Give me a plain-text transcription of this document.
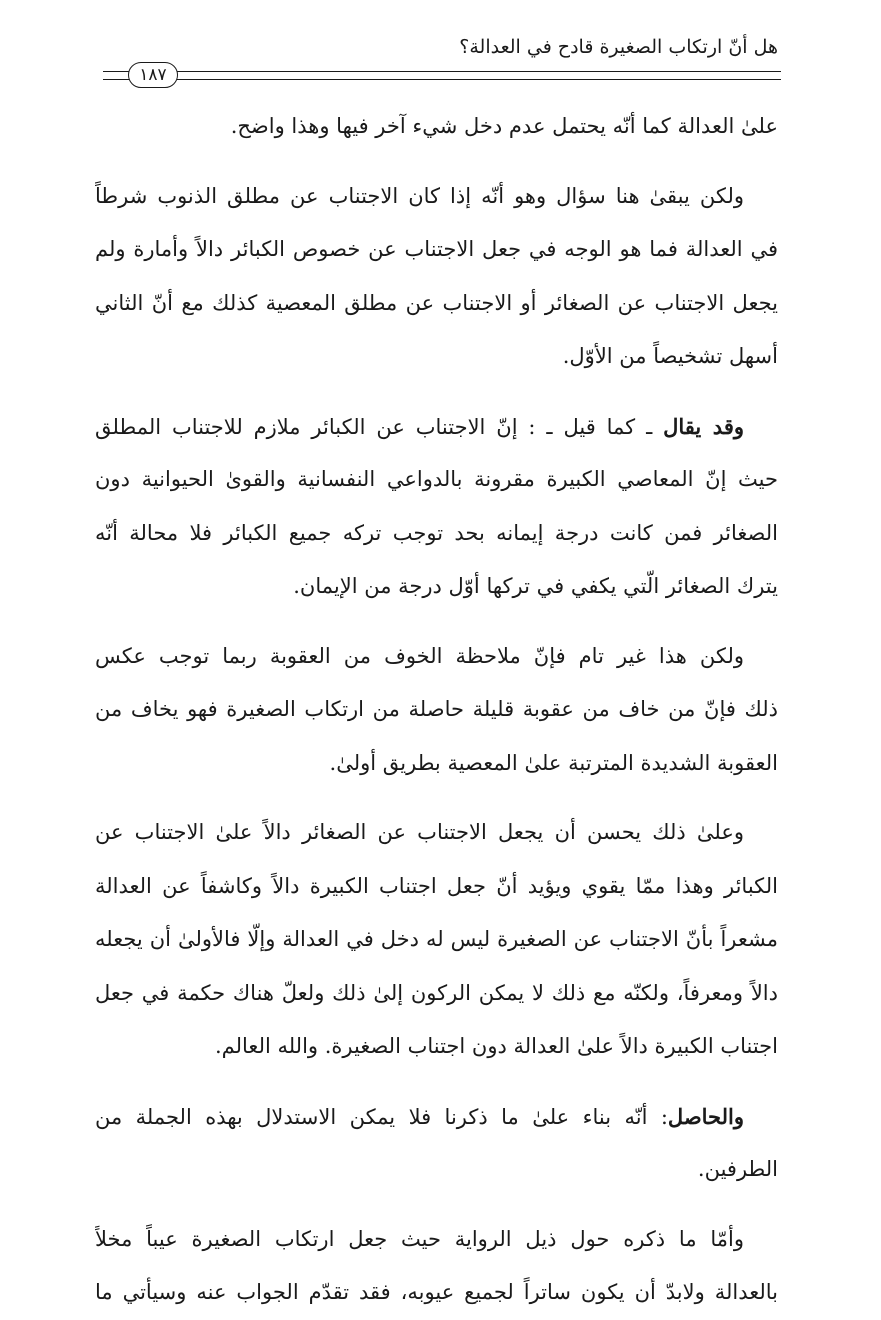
هل أنّ ارتكاب الصغيرة قادح في العدالة؟
١٨٧
علىٰ العدالة كما أنّه يحتمل عدم دخل شيء آخر فيها وهذا واضح.
ولكن يبقىٰ هنا سؤال وهو أنّه إذا كان الاجتناب عن مطلق الذنوب شرطاً
في العدالة فما هو الوجه في جعل الاجتناب عن خصوص الكبائر دالاً وأمارة ولم
يجعل الاجتناب عن الصغائر أو الاجتناب عن مطلق المعصية كذلك مع أنّ الثاني
أسهل تشخيصاً من الأوّل.
وقد يقال ـ كما قيل ـ : إنّ الاجتناب عن الكبائر ملازم للاجتناب المطلق
حيث إنّ المعاصي الكبيرة مقرونة بالدواعي النفسانية والقوىٰ الحيوانية دون
الصغائر فمن كانت درجة إيمانه بحد توجب تركه جميع الكبائر فلا محالة أنّه
يترك الصغائر الّتي يكفي في تركها أوّل درجة من الإيمان.
ولكن هذا غير تام فإنّ ملاحظة الخوف من العقوبة ربما توجب عكس
ذلك فإنّ من خاف من عقوبة قليلة حاصلة من ارتكاب الصغيرة فهو يخاف من
العقوبة الشديدة المترتبة علىٰ المعصية بطريق أولىٰ.
وعلىٰ ذلك يحسن أن يجعل الاجتناب عن الصغائر دالاً علىٰ الاجتناب عن
الكبائر وهذا ممّا يقوي ويؤيد أنّ جعل اجتناب الكبيرة دالاً وكاشفاً عن العدالة
مشعراً بأنّ الاجتناب عن الصغيرة ليس له دخل في العدالة وإلّا فالأولىٰ أن يجعله
دالاً ومعرفاً، ولكنّه مع ذلك لا يمكن الركون إلىٰ ذلك ولعلّ هناك حكمة في جعل
اجتناب الكبيرة دالاً علىٰ العدالة دون اجتناب الصغيرة. والله العالم.
والحاصل: أنّه بناء علىٰ ما ذكرنا فلا يمكن الاستدلال بهذه الجملة من
الطرفين.
وأمّا ما ذكره حول ذيل الرواية حيث جعل ارتكاب الصغيرة عيباً مخلاً
بالعدالة ولابدّ أن يكون ساتراً لجميع عيوبه، فقد تقدّم الجواب عنه وسيأتي ما
